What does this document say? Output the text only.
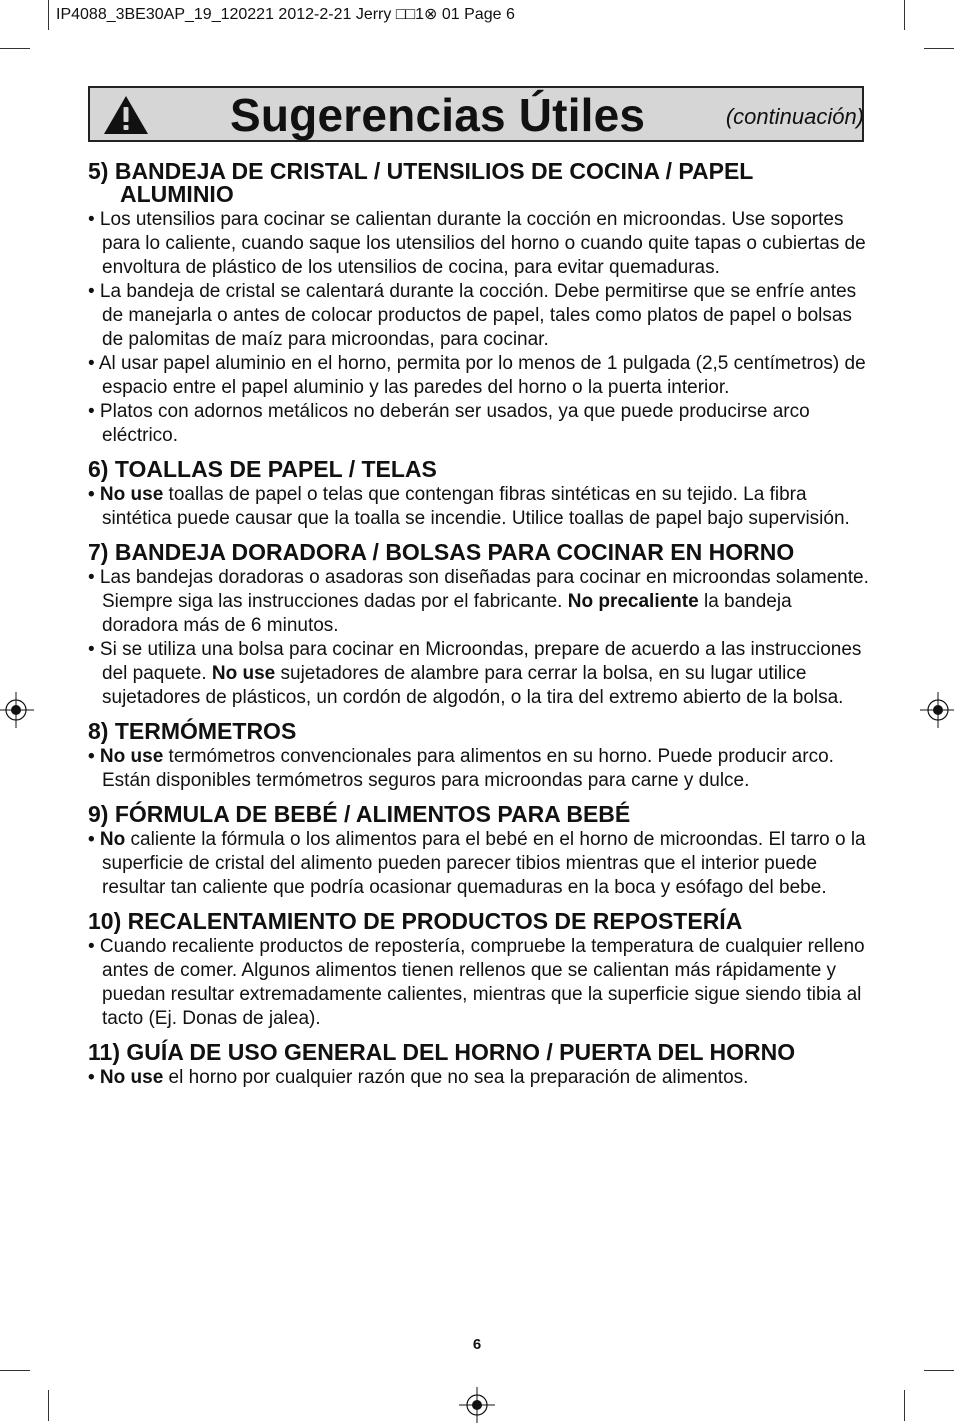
IP4088_3BE30AP_19_120221 2012-2-21 Jerry □□1⊗ 01 Page 6
Sugerencias Útiles	(continuación)
5) BANDEJA DE CRISTAL / UTENSILIOS DE COCINA / PAPEL ALUMINIO

• Los utensilios para cocinar se calientan durante la cocción en microondas. Use soportes para lo caliente, cuando saque los utensilios del horno o cuando quite tapas o cubiertas de envoltura de plástico de los utensilios de cocina, para evitar quemaduras.

• La bandeja de cristal se calentará durante la cocción. Debe permitirse que se enfríe antes de manejarla o antes de colocar productos de papel, tales como platos de papel o bolsas de palomitas de maíz para microondas, para cocinar.

• Al usar papel aluminio en el horno, permita por lo menos de 1 pulgada (2,5 centímetros) de espacio entre el papel aluminio y las paredes del horno o la puerta interior.

• Platos con adornos metálicos no deberán ser usados, ya que puede producirse arco eléctrico.

6) TOALLAS DE PAPEL / TELAS

• No use toallas de papel o telas que contengan fibras sintéticas en su tejido. La fibra sintética puede causar que la toalla se incendie. Utilice toallas de papel bajo supervisión.

7) BANDEJA DORADORA / BOLSAS PARA COCINAR EN HORNO

• Las bandejas doradoras o asadoras son diseñadas para cocinar en microondas solamente. Siempre siga las instrucciones dadas por el fabricante. No precaliente la bandeja doradora más de 6 minutos.

• Si se utiliza una bolsa para cocinar en Microondas, prepare de acuerdo a las instrucciones del paquete. No use sujetadores de alambre para cerrar la bolsa, en su lugar utilice sujetadores de plásticos, un cordón de algodón, o la tira del extremo abierto de la bolsa.

8) TERMÓMETROS

• No use termómetros convencionales para alimentos en su horno. Puede producir arco. Están disponibles termómetros seguros para microondas para carne y dulce.

9) FÓRMULA DE BEBÉ / ALIMENTOS PARA BEBÉ

• No caliente la fórmula o los alimentos para el bebé en el horno de microondas. El tarro o la superficie de cristal del alimento pueden parecer tibios mientras que el interior puede resultar tan caliente que podría ocasionar quemaduras en la boca y esófago del bebe.

10) RECALENTAMIENTO DE PRODUCTOS DE REPOSTERÍA

• Cuando recaliente productos de repostería, compruebe la temperatura de cualquier relleno antes de comer. Algunos alimentos tienen rellenos que se calientan más rápidamente y puedan resultar extremadamente calientes, mientras que la superficie sigue siendo tibia al tacto (Ej. Donas de jalea).

11) GUÍA DE USO GENERAL DEL HORNO / PUERTA DEL HORNO

• No use el horno por cualquier razón que no sea la preparación de alimentos.

6
